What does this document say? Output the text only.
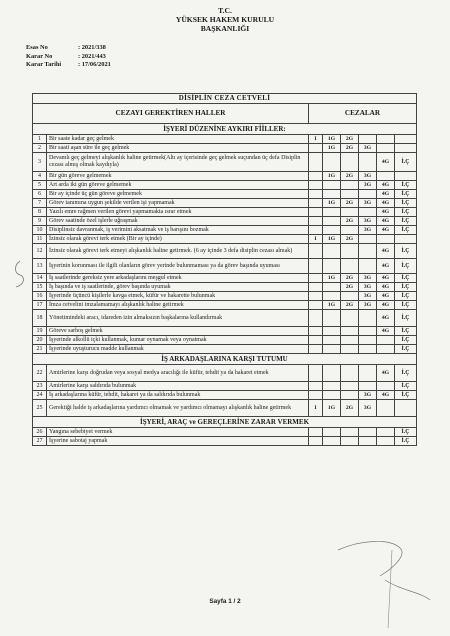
T.C.
YÜKSEK HAKEM KURULU
BAŞKANLIĞI
Esas No	: 2021/338
Karar No	: 2021/443
Karar Tarihi	: 17/06/2021
DİSİPLİN CEZA CETVELİ							
CEZAYI GEREKTİREN HALLER		CEZALAR					
İŞYERİ DÜZENİNE AYKIRI FİİLLER:							
1	Bir saate kadar geç gelmek	I	1G	2G			
2	Bir saati aşan süre ile geç gelmek		1G	2G	3G		
3	Devamlı geç gelmeyi alışkanlık haline getirmek(Altı ay içerisinde geç gelmek suçundan üç defa Disiplin cezası almış olmak kaydıyla)					4G	İ.Ç
4	Bir gün göreve gelmemek		1G	2G	3G		
5	Art arda iki gün göreve gelmemek				3G	4G	İ.Ç
6	Bir ay içinde üç gün göreve gelmemek					4G	İ.Ç
7	Görev tanımına uygun şekilde verilen işi yapmamak		1G	2G	3G	4G	İ.Ç
8	Yazılı emre rağmen verilen görevi yapmamakta ısrar etmek					4G	İ.Ç
9	Görev saatinde özel işlerle uğraşmak			2G	3G	4G	İ.Ç
10	Disiplinsiz davranmak, iş verimini aksatmak ve iş barışını bozmak				3G	4G	İ.Ç
11	İzinsiz olarak görevi terk etmek (Bir ay içinde)	I	1G	2G			
12	İzinsiz olarak görevi terk etmeyi alışkanlık haline getirmek. (6 ay içinde 3 defa disiplin cezası almak)					4G	İ.Ç
13	İşyerinin korunması ile ilgili olanların görev yerinde bulunmaması ya da görev başında uyuması					4G	İ.Ç
14	İş saatlerinde gereksiz yere arkadaşlarını meşgul etmek		1G	2G	3G	4G	İ.Ç
15	İş başında ve iş saatlerinde, görev başında uyumak			2G	3G	4G	İ.Ç
16	İşyerinde üçüncü kişilerle kavga etmek, küfür ve hakarette bulunmak				3G	4G	İ.Ç
17	İmza cetvelini imzalamamayı alışkanlık haline getirmek		1G	2G	3G	4G	İ.Ç
18	Yönetimindeki aracı, idareden izin almaksızın başkalarına kullandırmak					4G	İ.Ç
19	Göreve sarhoş gelmek					4G	İ.Ç
20	İşyerinde alkollü içki kullanmak, kumar oynamak veya oynatmak						İ.Ç
21	İşyerinde uyuşturucu madde kullanmak						İ.Ç
İŞ ARKADAŞLARINA KARŞI TUTUMU							
22	Amirlerine karşı doğrudan veya sosyal medya aracılığı ile küfür, tehdit ya da hakaret etmek					4G	İ.Ç
23	Amirlerine karşı saldırıda bulunmak						İ.Ç
24	İş arkadaşlarına küfür, tehdit, hakaret ya da saldırıda bulunmak				3G	4G	İ.Ç
25	Gerektiği halde iş arkadaşlarına yardımcı olmamak ve yardımcı olmamayı alışkanlık haline getirmek	I	1G	2G	3G		
İŞYERİ, ARAÇ ve GEREÇLERİNE ZARAR VERMEK							
26	Yangına sebebiyet vermek						İ.Ç
27	İşyerine sabotaj yapmak						İ.Ç
Sayfa 1 / 2
